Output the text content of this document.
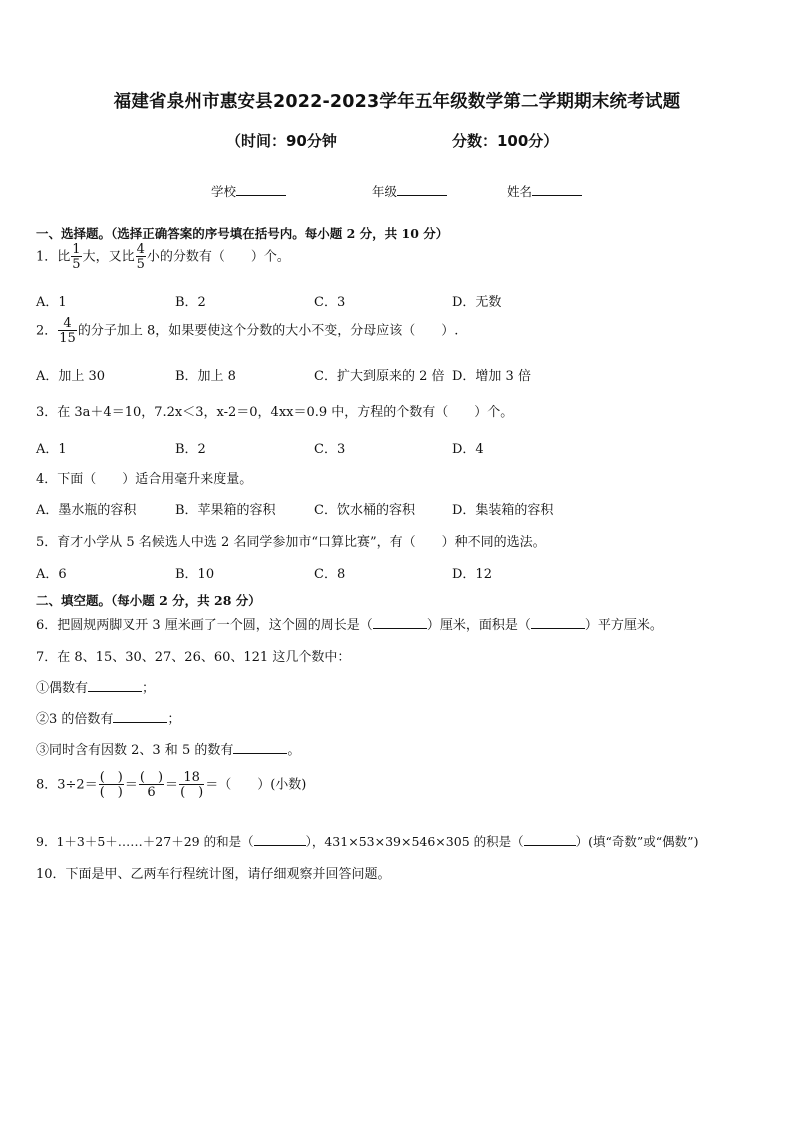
福建省泉州市惠安县2022-2023学年五年级数学第二学期期末统考试题
（时间：90分钟	分数：100分）
学校	年级	姓名
一、选择题。（选择正确答案的序号填在括号内。每小题 2 分，共 10 分）
1．比 $\frac{1}{5}$ 大，又比 $\frac{4}{5}$ 小的分数有（　　）个。
A．1	B．2	C．3	D．无数
2． $\frac{4}{15}$ 的分子加上 8，如果要使这个分数的大小不变，分母应该（　　）.
A．加上 30	B．加上 8	C．扩大到原来的 2 倍 D．增加 3 倍
3．在 3a＋4＝10，7.2x＜3，x-2＝0，4xx＝0.9 中，方程的个数有（　　）个。
A．1	B．2	C．3	D．4
4．下面（　　）适合用毫升来度量。
A．墨水瓶的容积	B．苹果箱的容积	C．饮水桶的容积	D．集装箱的容积
5．育才小学从 5 名候选人中选 2 名同学参加市“口算比赛”，有（　　）种不同的选法。
A．6	B．10	C．8	D．12
二、填空题。（每小题 2 分，共 28 分）
6．把圆规两脚叉开 3 厘米画了一个圆，这个圆的周长是（	）厘米，面积是（	）平方厘米。
7．在 8、15、30、27、26、60、121 这几个数中：
①偶数有	；
②3 的倍数有	；
③同时含有因数 2、3 和 5 的数有	。
8．$3\div 2= \frac{( )}{( )} = \frac{( )}{6} = \frac{18}{( )}$ ＝（　　）(小数)
9．1＋3＋5＋……＋27＋29 的和是（	），431×53×39×546×305 的积是（	）(填“奇数”或“偶数”)
10．下面是甲、乙两车行程统计图，请仔细观察并回答问题。
